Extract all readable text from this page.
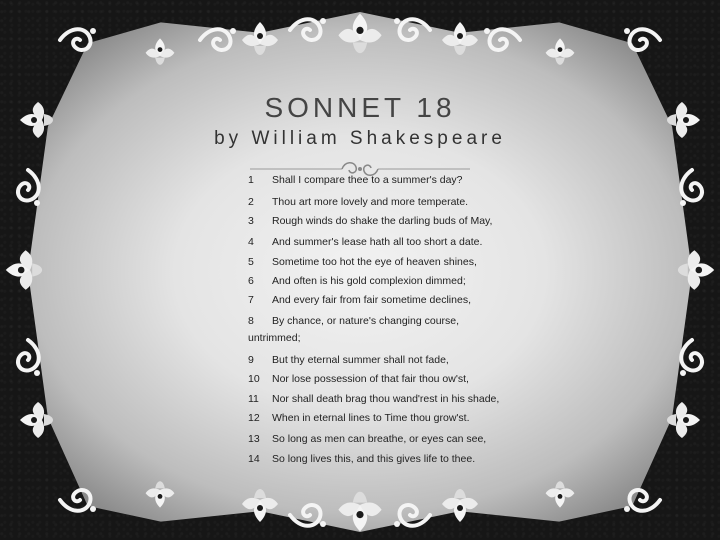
SONNET 18
by William Shakespeare
1 Shall I compare thee to a summer's day?
2 Thou art more lovely and more temperate.
3 Rough winds do shake the darling buds of May,
4 And summer's lease hath all too short a date.
5 Sometime too hot the eye of heaven shines,
6 And often is his gold complexion dimmed;
7 And every fair from fair sometime declines,
8 By chance, or nature's changing course,
untrimmed;
9 But thy eternal summer shall not fade,
10 Nor lose possession of that fair thou ow'st,
11 Nor shall death brag thou wand'rest in his shade,
12 When in eternal lines to Time thou grow'st.
13 So long as men can breathe, or eyes can see,
14 So long lives this, and this gives life to thee.
